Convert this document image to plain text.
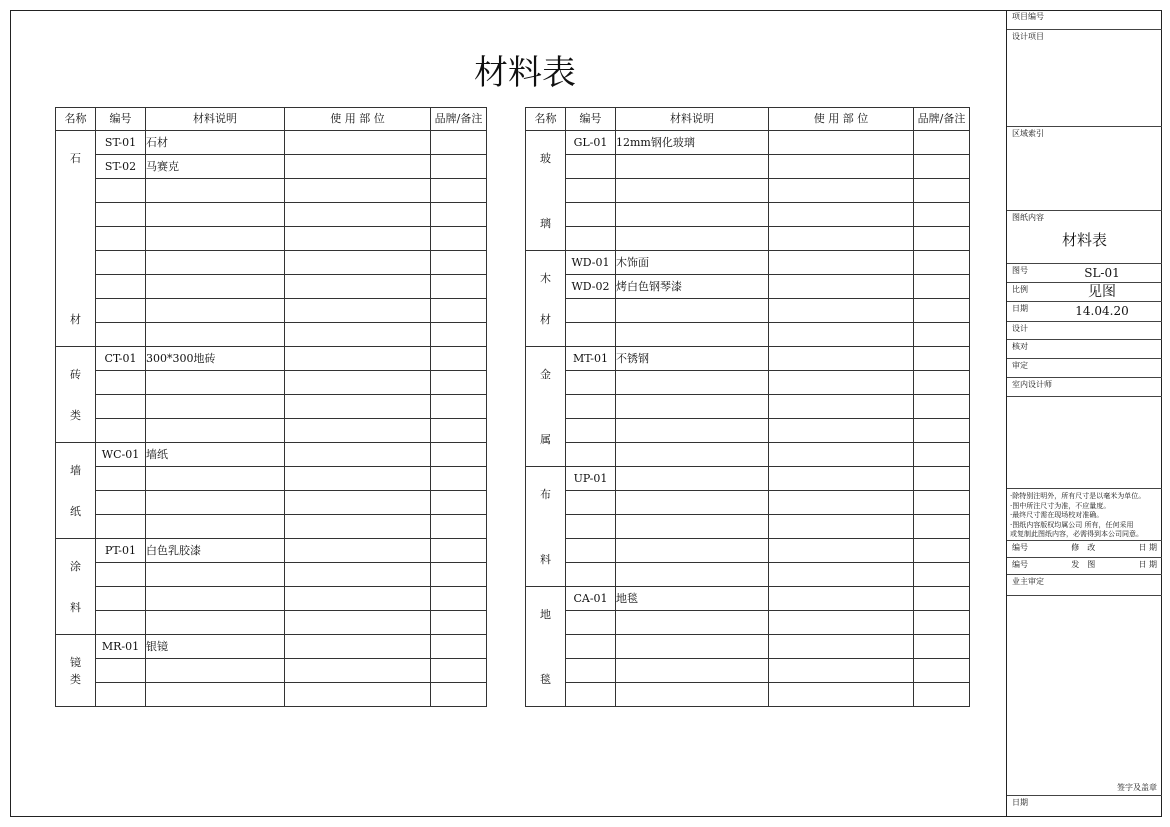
材料表
名称	编号	材料说明	使 用 部 位	品牌/备注

石
材	ST-01	石材		
	ST-02	马赛克		

砖
类	CT-01	300*300地砖		

墙
纸	WC-01	墙纸		

涂
料	PT-01	白色乳胶漆		

镜
类	MR-01	银镜		

名称	编号	材料说明	使 用 部 位	品牌/备注

玻
璃	GL-01	12mm钢化玻璃		

木
材	WD-01	木饰面		
	WD-02	烤白色钢琴漆		

金
属	MT-01	不锈钢		

布
料	UP-01			

地
毯	CA-01	地毯		

项目编号
设计项目
区域索引
图纸内容
材料表
图号	SL-01
比例	见图
日期	14.04.20
设计
核对
审定
室内设计师
·除特别注明外，所有尺寸是以毫米为单位。
·图中所注尺寸为准，不应量度。
·最终尺寸需在现场校对准确。
·图纸内容版权均属公司 所有，任何采用
或复制此图纸内容，必需得到本公司同意。
编号	修　改	日 期
编号	发　图	日 期
业主审定
签字及盖章
日期
